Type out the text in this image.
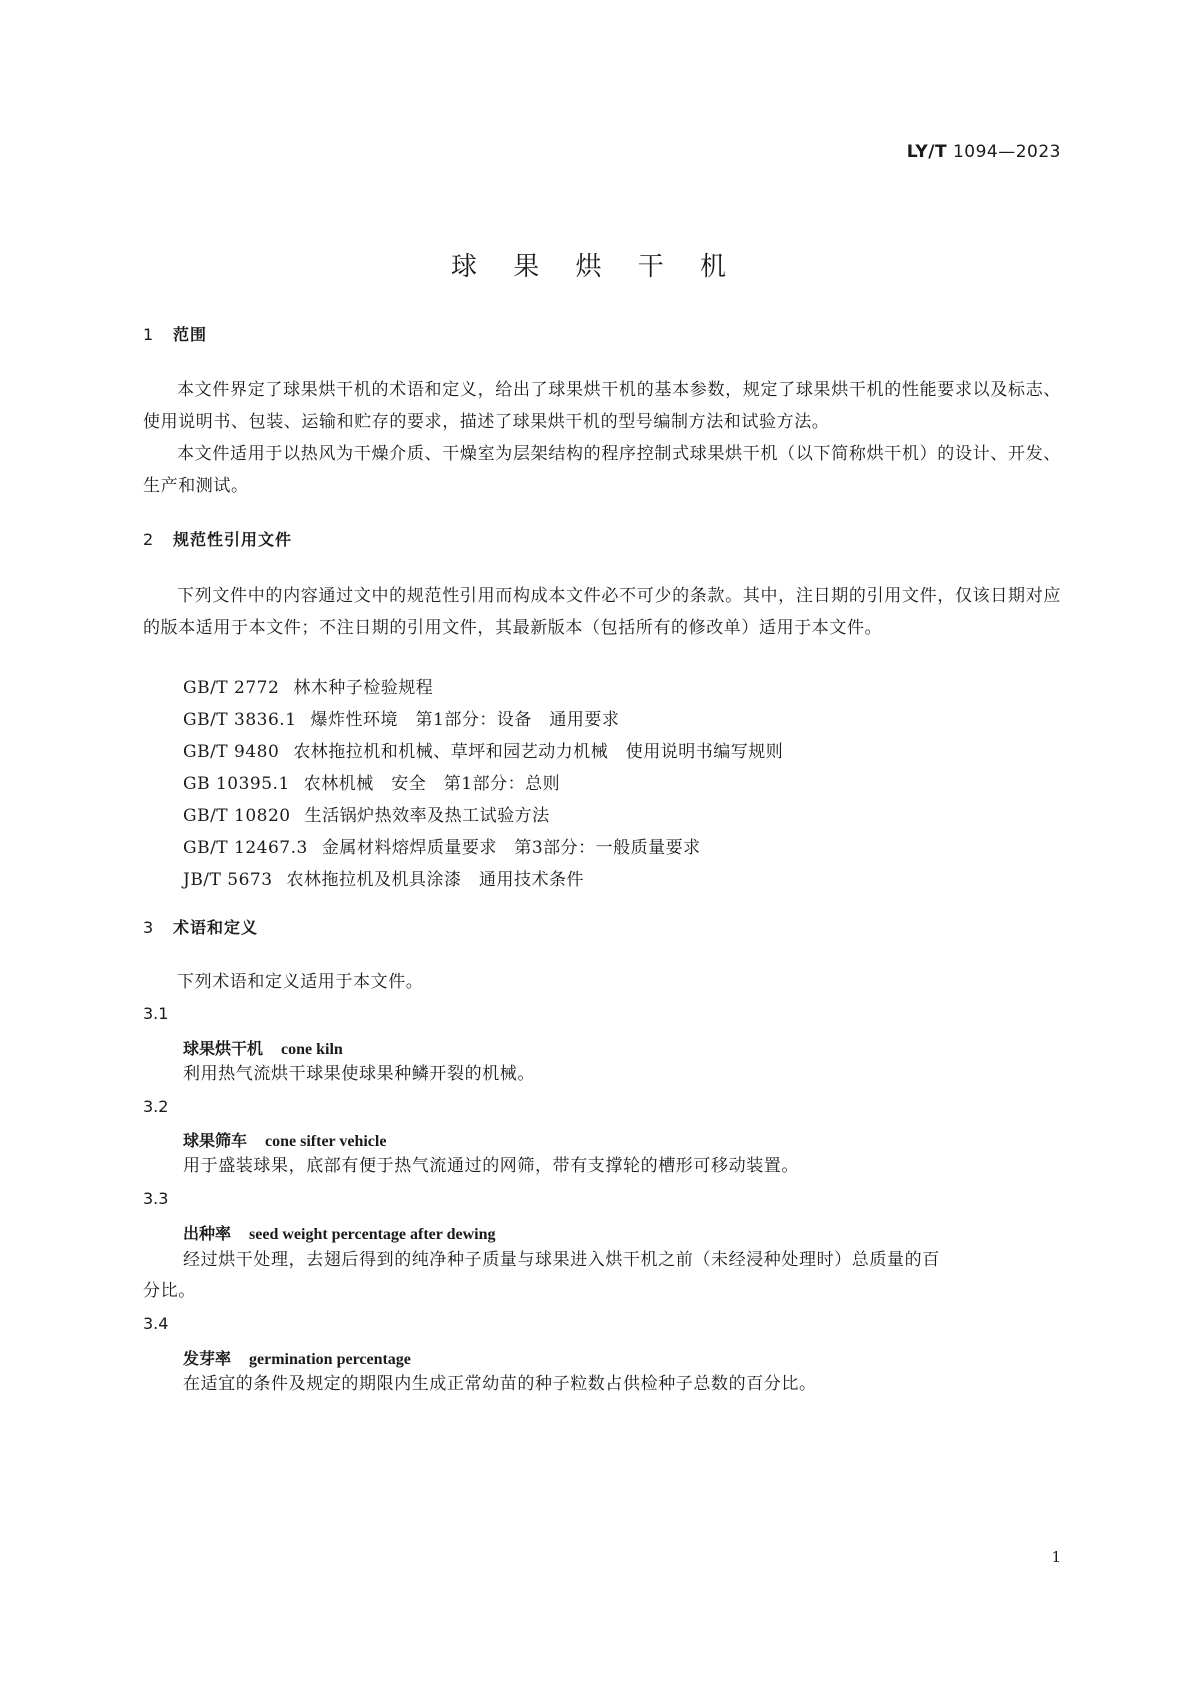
LY/T 1094—2023
球 果 烘 干 机
1 范围
本文件界定了球果烘干机的术语和定义，给出了球果烘干机的基本参数，规定了球果烘干机的性能要求以及标志、使用说明书、包装、运输和贮存的要求，描述了球果烘干机的型号编制方法和试验方法。
本文件适用于以热风为干燥介质、干燥室为层架结构的程序控制式球果烘干机（以下简称烘干机）的设计、开发、生产和测试。
2 规范性引用文件
下列文件中的内容通过文中的规范性引用而构成本文件必不可少的条款。其中，注日期的引用文件，仅该日期对应的版本适用于本文件；不注日期的引用文件，其最新版本（包括所有的修改单）适用于本文件。
GB/T 2772 林木种子检验规程
GB/T 3836.1 爆炸性环境　第1部分：设备　通用要求
GB/T 9480 农林拖拉机和机械、草坪和园艺动力机械　使用说明书编写规则
GB 10395.1 农林机械　安全　第1部分：总则
GB/T 10820 生活锅炉热效率及热工试验方法
GB/T 12467.3 金属材料熔焊质量要求　第3部分：一般质量要求
JB/T 5673 农林拖拉机及机具涂漆　通用技术条件
3 术语和定义
下列术语和定义适用于本文件。
3.1
球果烘干机 cone kiln
利用热气流烘干球果使球果种鳞开裂的机械。
3.2
球果筛车 cone sifter vehicle
用于盛装球果，底部有便于热气流通过的网筛，带有支撑轮的槽形可移动装置。
3.3
出种率 seed weight percentage after dewing
经过烘干处理，去翅后得到的纯净种子质量与球果进入烘干机之前（未经浸种处理时）总质量的百
分比。
3.4
发芽率 germination percentage
在适宜的条件及规定的期限内生成正常幼苗的种子粒数占供检种子总数的百分比。
1
